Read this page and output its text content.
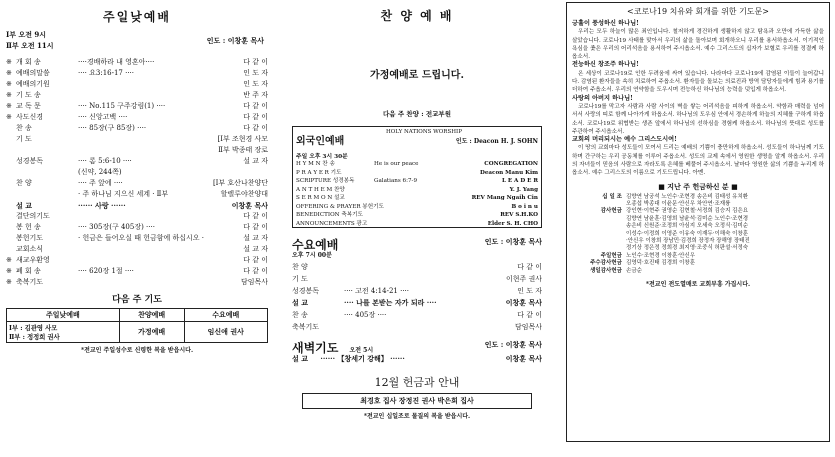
주일낮예배
Ⅰ부 오전 9시
Ⅱ부 오전 11시
인도 : 이창훈 목사
※ 개 회 송	····경배하라 내 영혼아····	다 같 이
※ 예배의말씀	···· 요3:16-17 ····	인 도 자
※ 예배의기원	인 도 자
※ 기 도 송	반 주 자
※ 교 독 문	···· No.115 구주강림(1) ····	다 같 이
※ 사도신경	···· 신앙고백 ····	다 같 이
찬 송	···· 85장(구 85장) ····	다 같 이
기 도	[Ⅰ부 조현경 사모
Ⅱ부 박종태 장로
성경봉독	···· 롬 5:6-10 ····	설 교 자
(신약, 244쪽)
찬 양	···· 주 앞에 ····	[Ⅰ부 호산나찬양단
· 주 하나님 지으신 세계 · Ⅱ부	할렐루야찬양대
설 교	······ 사랑 ······	이창훈 목사
결단의기도	다 같 이
봉 헌 송	···· 305장(구 405장) ····	다 같 이
봉헌기도	· 헌금은 들어오실 때 헌금함에 하십시오 ·	설 교 자
교회소식	설 교 자
※ 새교우환영	다 같 이
※ 폐 회 송	···· 620장 1절 ····	다 같 이
※ 축복기도	담임목사
다음 주 기도
주일낮예배	찬양예배	수요예배

Ⅰ부 : 김관영 사모
Ⅱ부 : 정정희 권사	가정예배	임신애 권사
*전교인 주일성수로 신령한 복을 받읍시다.
찬 양 예 배
가정예배로 드립니다.
다음 주 찬양 : 전교부원
외국인예배
HOLY NATIONS WORSHIP
인도 : Deacon H. J. SOHN
주일 오후 3시 30분
H Y M N 찬 송	He is our peace	CONGREGATION
P R A Y E R 기도	Deacon Manu Kim
SCRIPTURE 성경봉독	Galatians 6:7-9	L E A D E R
A N T H E M 찬양	Y. J. Yang
S E R M O N 설교	REV Mang Ngaih Cin
OFFERING & PRAYER 봉헌기도	B o i n u
BENEDICTION 축복기도	REV S.H.KO
ANNOUNCEMENTS 광고	Elder S. H. CHO
수요예배	인도 : 이창훈 목사
오후 7시 00분
찬 양	다 같 이
기 도	이현주 권사
성경봉독	···· 고전 4:14-21 ····	인 도 자
설 교	···· 나를 본받는 자가 되라 ····	이창훈 목사
찬 송	···· 405장 ····	다 같 이
축복기도	담임목사
새벽기도 오전 5시
인도 : 이창훈 목사
설 교 ······ 【창세기 강해】 ······	이창훈 목사
12월 헌금과 안내
최경호 집사 장정진 권사 박은희 집사
*전교인 십일조로 물질의 복을 받읍시다.
<코로나19 치유와 회개를 위한 기도문>
긍휼이 풍성하신 하나님!
우리는 모두 하늘이 많은 죄인입니다. 철저하게 경건하게 생활하지 않고 탐욕과 오만에 가득한 삶을 살았습니다. 코로나19 사태를 맞아서 우리의 삶을 돌아보며 회개하오니 우리를 용서하옵소서. 이기적인 욕심을 좇은 우리의 어리석음을 용서하여 주시옵소서. 예수 그리스도의 십자가 보혈로 우리를 정결케 하옵소서.
전능하신 창조주 하나님!
온 세상이 코로나19로 인한 두려움에 싸여 있습니다. 나라마다 코로나19에 감염된 이들이 늘어갑니다. 감염된 환자들을 속히 치료하여 주옵소서. 환자들을 돌보는 의료진과 방역 담당자들에게 힘과 용기를 더하여 주옵소서. 우리의 연약함을 도우시며 전능하신 하나님의 능력을 덧입게 하옵소서.
사랑의 아버지 하나님!
코로나19를 막고자 사람과 사람 사이의 벽을 쌓는 어리석음을 피하게 하옵소서. 약함과 매력을 넘어서서 사랑의 띠로 함께 나아가게 하옵소서. 하나님의 도우심 안에서 경손하게 하늘의 지혜를 구하게 하옵소서. 코로나19로 위협받는 생존 앞에서 하나님의 선하심을 경험케 하옵소서. 하나님의 뜻대로 성도를 주관하여 주시옵소서.
교회의 머리되시는 예수 그리스도시여!
이 땅의 교회마다 성도들이 모여서 드리는 예배의 기쁨이 충만하게 하옵소서. 성도들이 하나님께 기도하며 간구하는 우리 공동체를 이루어 주옵소서. 성도의 교제 속에서 영원한 생명을 알게 하옵소서. 우리의 자녀들이 믿음의 사람으로 자라도록 은혜를 베풀어 주시옵소서. 날마다 영원한 삶의 기쁨을 누리게 하옵소서. 예수 그리스도의 이름으로 기도드립니다. 아멘.
■ 지난 주 헌금하신 분 ■
십 일 조 김향연 남궁석 노인수·조현경 송은비 김태성 유치환
오종섭 박종대 이윤문·안신우 차안연·조재륭
감사헌금 강인현·이현주 권영순 김현철·서정희 김승지 김은요
김향연 남윤훈·김영희 남윤석·김미순 노인수·조현경
송은비 신원준·조정희 아심지 오세숙 오정식·김미순
이성수·이정희 이영준 이유숙 이재두·이해숙 이창훈
·안신우 이창희 장남민·김경희 장정자 장해영 장태진
정기상 정은정 정희경 최지영·조중식 허판설·서정숙
주일헌금 노인수·조현경 이창훈·안신우
주수감사헌금 김영덕·호진태 김경희 이창훈
생일감사헌금 손금순
*전교인 전도열매로 교회부흥 가집시다.
